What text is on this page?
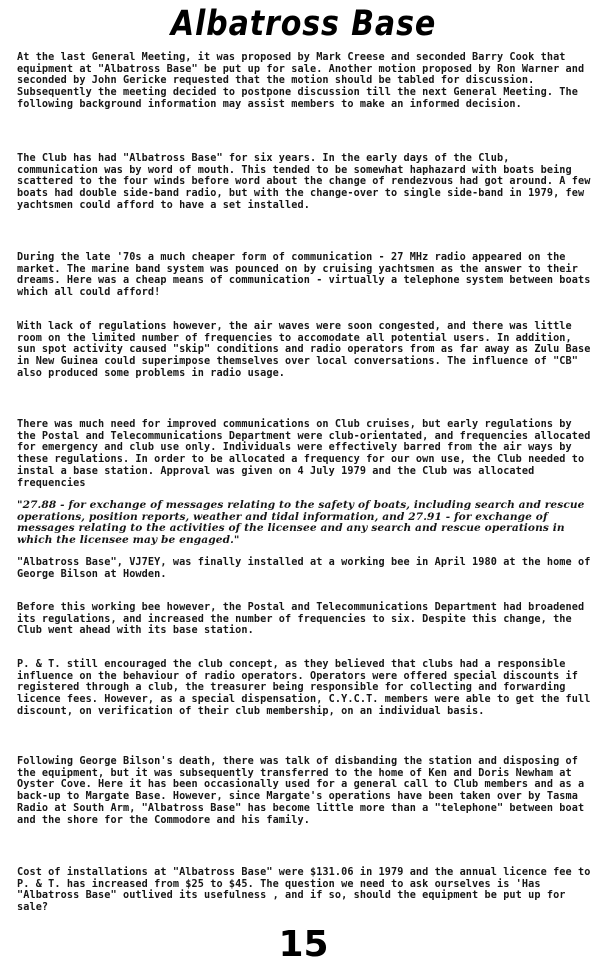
Albatross Base

At the last General Meeting, it was proposed by Mark Creese and seconded Barry Cook that equipment at "Albatross Base" be put up for sale. Another motion proposed by Ron Warner and seconded by John Gericke requested that the motion should be tabled for discussion. Subsequently the meeting decided to postpone discussion till the next General Meeting. The following background information may assist members to make an informed decision.

The Club has had "Albatross Base" for six years. In the early days of the Club, communication was by word of mouth. This tended to be somewhat haphazard with boats being scattered to the four winds before word about the change of rendezvous had got around. A few boats had double side-band radio, but with the change-over to single side-band in 1979, few yachtsmen could afford to have a set installed.

During the late '70s a much cheaper form of communication - 27 MHz radio appeared on the market. The marine band system was pounced on by cruising yachtsmen as the answer to their dreams. Here was a cheap means of communication - virtually a telephone system between boats which all could afford!

With lack of regulations however, the air waves were soon congested, and there was little room on the limited number of frequencies to accomodate all potential users. In addition, sun spot activity caused "skip" conditions and radio operators from as far away as Zulu Base in New Guinea could superimpose themselves over local conversations. The influence of "CB" also produced some problems in radio usage.

There was much need for improved communications on Club cruises, but early regulations by the Postal and Telecommunications Department were club-orientated, and frequencies allocated for emergency and club use only. Individuals were effectively barred from the air ways by these regulations. In order to be allocated a frequency for our own use, the Club needed to instal a base station. Approval was given on 4 July 1979 and the Club was allocated frequencies

"27.88 - for exchange of messages relating to the safety of boats, including search and rescue operations, position reports, weather and tidal information, and 27.91 - for exchange of messages relating to the activities of the licensee and any search and rescue operations in which the licensee may be engaged."

"Albatross Base", VJ7EY, was finally installed at a working bee in April 1980 at the home of George Bilson at Howden.

Before this working bee however, the Postal and Telecommunications Department had broadened its regulations, and increased the number of frequencies to six. Despite this change, the Club went ahead with its base station.

P. & T. still encouraged the club concept, as they believed that clubs had a responsible influence on the behaviour of radio operators. Operators were offered special discounts if registered through a club, the treasurer being responsible for collecting and forwarding licence fees. However, as a special dispensation, C.Y.C.T. members were able to get the full discount, on verification of their club membership, on an individual basis.

Following George Bilson's death, there was talk of disbanding the station and disposing of the equipment, but it was subsequently transferred to the home of Ken and Doris Newham at Oyster Cove. Here it has been occasionally used for a general call to Club members and as a back-up to Margate Base. However, since Margate's operations have been taken over by Tasma Radio at South Arm, "Albatross Base" has become little more than a "telephone" between boat and the shore for the Commodore and his family.

Cost of installations at "Albatross Base" were $131.06 in 1979 and the annual licence fee to P. & T. has increased from $25 to $45. The question we need to ask ourselves is 'Has "Albatross Base" outlived its usefulness , and if so, should the equipment be put up for sale?

15
